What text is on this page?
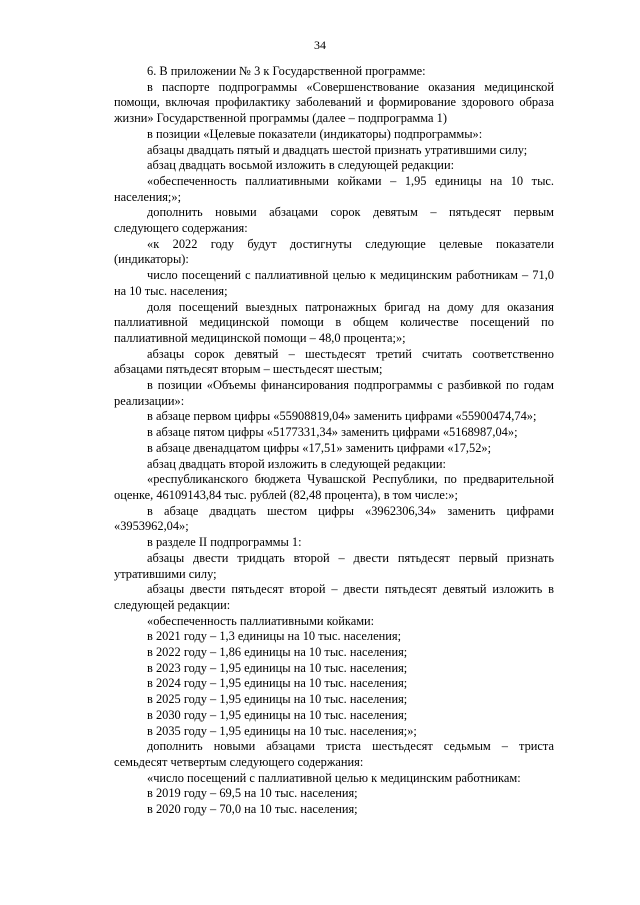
34

6. В приложении № 3 к Государственной программе:

в паспорте подпрограммы «Совершенствование оказания медицинской помощи, включая профилактику заболеваний и формирование здорового образа жизни» Государственной программы (далее – подпрограмма 1)

в позиции «Целевые показатели (индикаторы) подпрограммы»:

абзацы двадцать пятый и двадцать шестой признать утратившими силу;

абзац двадцать восьмой изложить в следующей редакции:

«обеспеченность паллиативными койками – 1,95 единицы на 10 тыс. населения;»;

дополнить новыми абзацами сорок девятым – пятьдесят первым следующего содержания:

«к 2022 году будут достигнуты следующие целевые показатели (индикаторы):

число посещений с паллиативной целью к медицинским работникам – 71,0 на 10 тыс. населения;

доля посещений выездных патронажных бригад на дому для оказания паллиативной медицинской помощи в общем количестве посещений по паллиативной медицинской помощи – 48,0 процента;»;

абзацы сорок девятый – шестьдесят третий считать соответственно абзацами пятьдесят вторым – шестьдесят шестым;

в позиции «Объемы финансирования подпрограммы с разбивкой по годам реализации»:

в абзаце первом цифры «55908819,04» заменить цифрами «55900474,74»;

в абзаце пятом цифры «5177331,34» заменить цифрами «5168987,04»;

в абзаце двенадцатом цифры «17,51» заменить цифрами «17,52»;

абзац двадцать второй изложить в следующей редакции:

«республиканского бюджета Чувашской Республики, по предварительной оценке, 46109143,84 тыс. рублей (82,48 процента), в том числе:»;

в абзаце двадцать шестом цифры «3962306,34» заменить цифрами «3953962,04»;

в разделе II подпрограммы 1:

абзацы двести тридцать второй – двести пятьдесят первый признать утратившими силу;

абзацы двести пятьдесят второй – двести пятьдесят девятый изложить в следующей редакции:

«обеспеченность паллиативными койками:

в 2021 году – 1,3 единицы на 10 тыс. населения;

в 2022 году – 1,86 единицы на 10 тыс. населения;

в 2023 году – 1,95 единицы на 10 тыс. населения;

в 2024 году – 1,95 единицы на 10 тыс. населения;

в 2025 году – 1,95 единицы на 10 тыс. населения;

в 2030 году – 1,95 единицы на 10 тыс. населения;

в 2035 году – 1,95 единицы на 10 тыс. населения;»;

дополнить новыми абзацами триста шестьдесят седьмым – триста семьдесят четвертым следующего содержания:

«число посещений с паллиативной целью к медицинским работникам:

в 2019 году – 69,5 на 10 тыс. населения;

в 2020 году – 70,0 на 10 тыс. населения;
